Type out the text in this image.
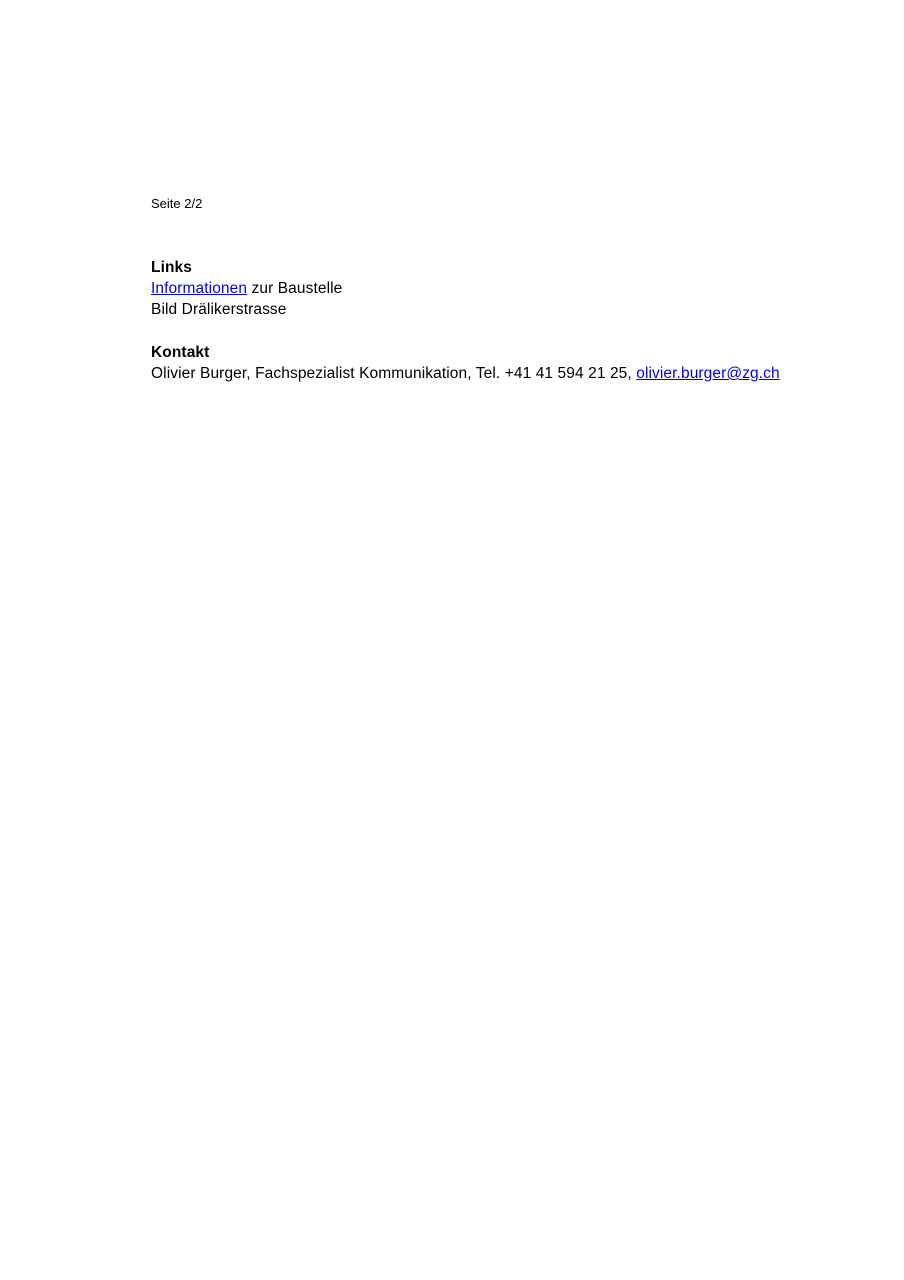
Seite 2/2
Links
Informationen zur Baustelle
Bild Drälikerstrasse
Kontakt
Olivier Burger, Fachspezialist Kommunikation, Tel. +41 41 594 21 25, olivier.burger@zg.ch
